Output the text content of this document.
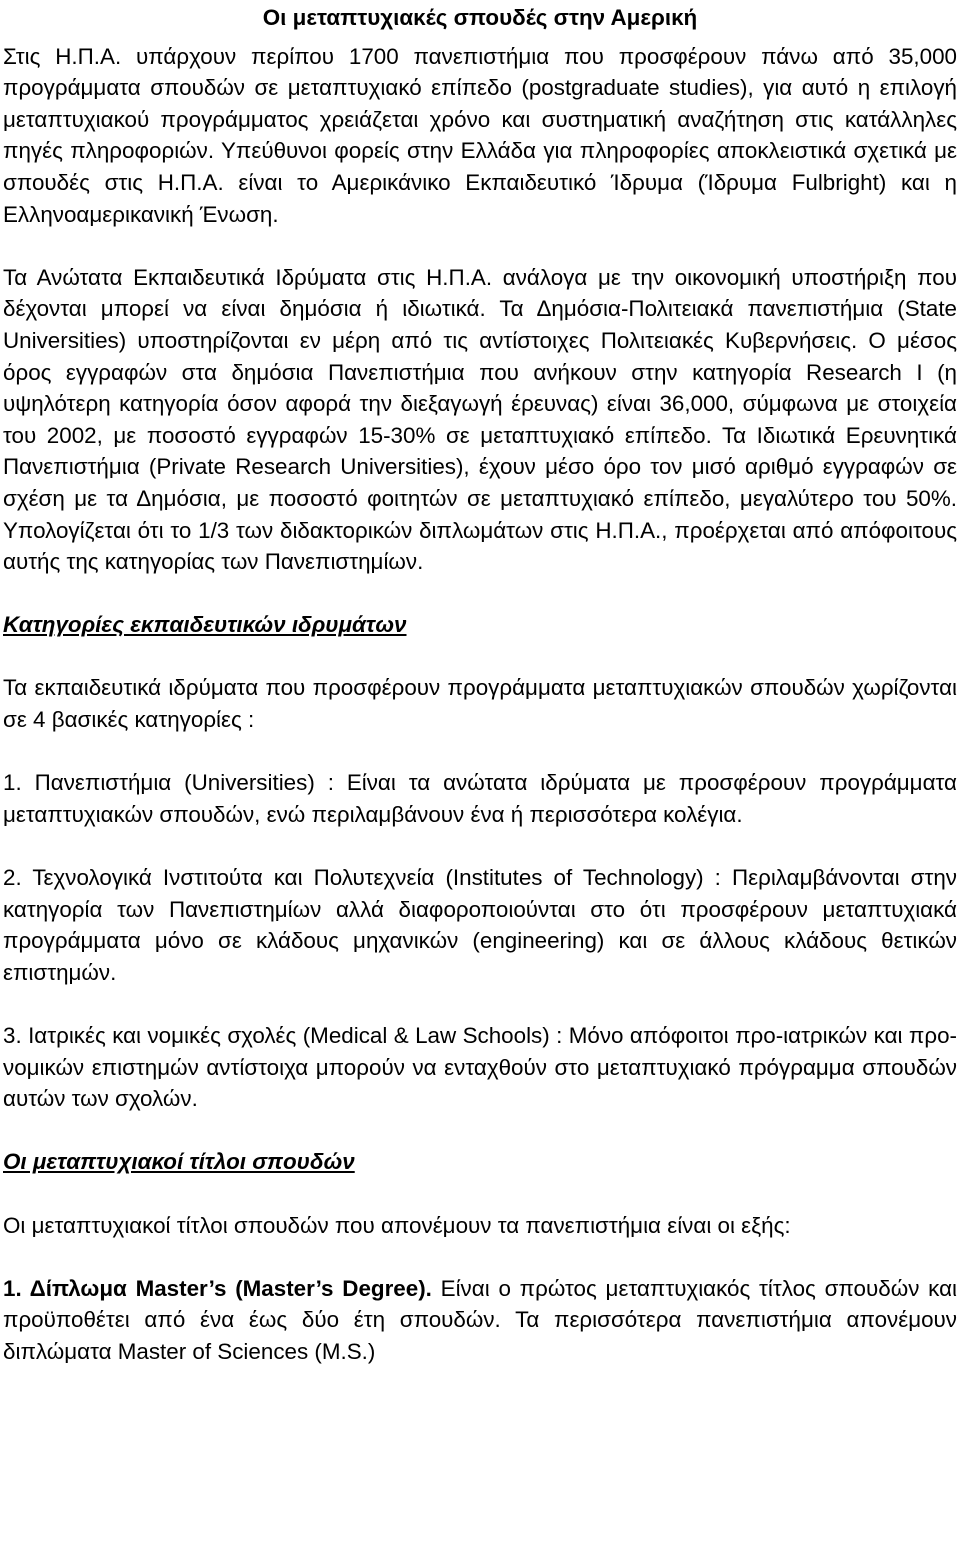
Οι μεταπτυχιακές σπουδές στην Αμερική

Στις Η.Π.Α. υπάρχουν περίπου 1700 πανεπιστήμια που προσφέρουν πάνω από 35,000 προγράμματα σπουδών σε μεταπτυχιακό επίπεδο (postgraduate studies), για αυτό η επιλογή μεταπτυχιακού προγράμματος χρειάζεται χρόνο και συστηματική αναζήτηση στις κατάλληλες πηγές πληροφοριών. Υπεύθυνοι φορείς στην Ελλάδα για πληροφορίες αποκλειστικά σχετικά με σπουδές στις Η.Π.Α. είναι το Αμερικάνικο Εκπαιδευτικό Ίδρυμα (Ίδρυμα Fulbright) και η Ελληνοαμερικανική Ένωση.

Τα Ανώτατα Εκπαιδευτικά Ιδρύματα στις Η.Π.Α. ανάλογα με την οικονομική υποστήριξη που δέχονται μπορεί να είναι δημόσια ή ιδιωτικά. Τα Δημόσια-Πολιτειακά πανεπιστήμια (State Universities) υποστηρίζονται εν μέρη από τις αντίστοιχες Πολιτειακές Κυβερνήσεις. Ο μέσος όρος εγγραφών στα δημόσια Πανεπιστήμια που ανήκουν στην κατηγορία Research I (η υψηλότερη κατηγορία όσον αφορά την διεξαγωγή έρευνας) είναι 36,000, σύμφωνα με στοιχεία του 2002, με ποσοστό εγγραφών 15-30% σε μεταπτυχιακό επίπεδο. Τα Ιδιωτικά Ερευνητικά Πανεπιστήμια (Private Research Universities), έχουν μέσο όρο τον μισό αριθμό εγγραφών σε σχέση με τα Δημόσια, με ποσοστό φοιτητών σε μεταπτυχιακό επίπεδο, μεγαλύτερο του 50%. Υπολογίζεται ότι το 1/3 των διδακτορικών διπλωμάτων στις Η.Π.Α., προέρχεται από απόφοιτους αυτής της κατηγορίας των Πανεπιστημίων.

Κατηγορίες εκπαιδευτικών ιδρυμάτων

Τα εκπαιδευτικά ιδρύματα που προσφέρουν προγράμματα μεταπτυχιακών σπουδών χωρίζονται σε 4 βασικές κατηγορίες :

1. Πανεπιστήμια (Universities) : Είναι τα ανώτατα ιδρύματα με προσφέρουν προγράμματα μεταπτυχιακών σπουδών, ενώ περιλαμβάνουν ένα ή περισσότερα κολέγια.

2. Τεχνολογικά Ινστιτούτα και Πολυτεχνεία (Institutes of Technology) : Περιλαμβάνονται στην κατηγορία των Πανεπιστημίων αλλά διαφοροποιούνται στο ότι προσφέρουν μεταπτυχιακά προγράμματα μόνο σε κλάδους μηχανικών (engineering) και σε άλλους κλάδους θετικών επιστημών.

3. Ιατρικές και νομικές σχολές (Medical & Law Schools) : Μόνο απόφοιτοι προ-ιατρικών και προ-νομικών επιστημών αντίστοιχα μπορούν να ενταχθούν στο μεταπτυχιακό πρόγραμμα σπουδών αυτών των σχολών.

Οι μεταπτυχιακοί τίτλοι σπουδών

Οι μεταπτυχιακοί τίτλοι σπουδών που απονέμουν τα πανεπιστήμια είναι οι εξής:

1. Δίπλωμα Master’s (Master’s Degree). Είναι ο πρώτος μεταπτυχιακός τίτλος σπουδών και προϋποθέτει από ένα έως δύο έτη σπουδών. Τα περισσότερα πανεπιστήμια απονέμουν διπλώματα Master of Sciences (M.S.)
